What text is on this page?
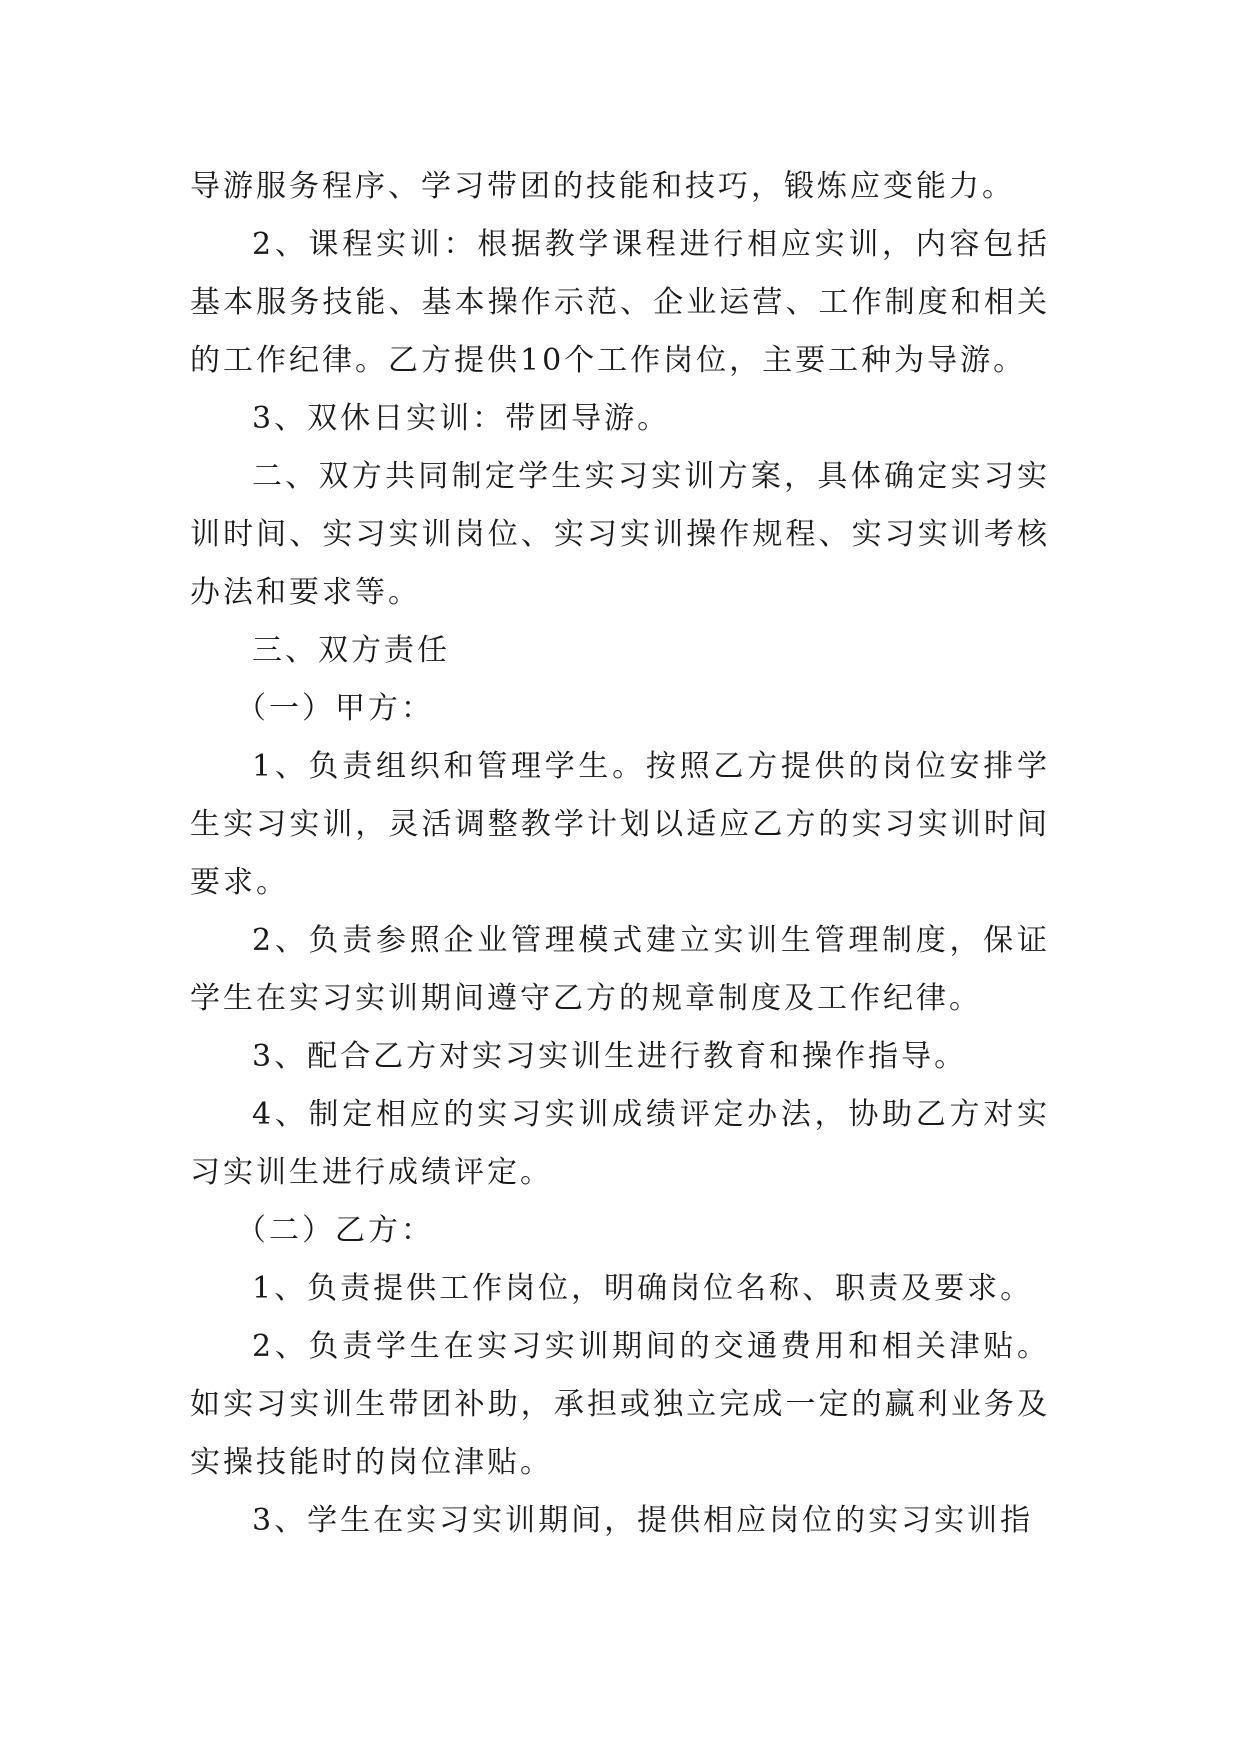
导游服务程序、学习带团的技能和技巧，锻炼应变能力。

2、课程实训：根据教学课程进行相应实训，内容包括基本服务技能、基本操作示范、企业运营、工作制度和相关的工作纪律。乙方提供10个工作岗位，主要工种为导游。

3、双休日实训：带团导游。

二、双方共同制定学生实习实训方案，具体确定实习实训时间、实习实训岗位、实习实训操作规程、实习实训考核办法和要求等。

三、双方责任

（一）甲方：

1、负责组织和管理学生。按照乙方提供的岗位安排学生实习实训，灵活调整教学计划以适应乙方的实习实训时间要求。

2、负责参照企业管理模式建立实训生管理制度，保证学生在实习实训期间遵守乙方的规章制度及工作纪律。

3、配合乙方对实习实训生进行教育和操作指导。

4、制定相应的实习实训成绩评定办法，协助乙方对实习实训生进行成绩评定。

（二）乙方：

1、负责提供工作岗位，明确岗位名称、职责及要求。

2、负责学生在实习实训期间的交通费用和相关津贴。如实习实训生带团补助，承担或独立完成一定的赢利业务及实操技能时的岗位津贴。

3、学生在实习实训期间，提供相应岗位的实习实训指
